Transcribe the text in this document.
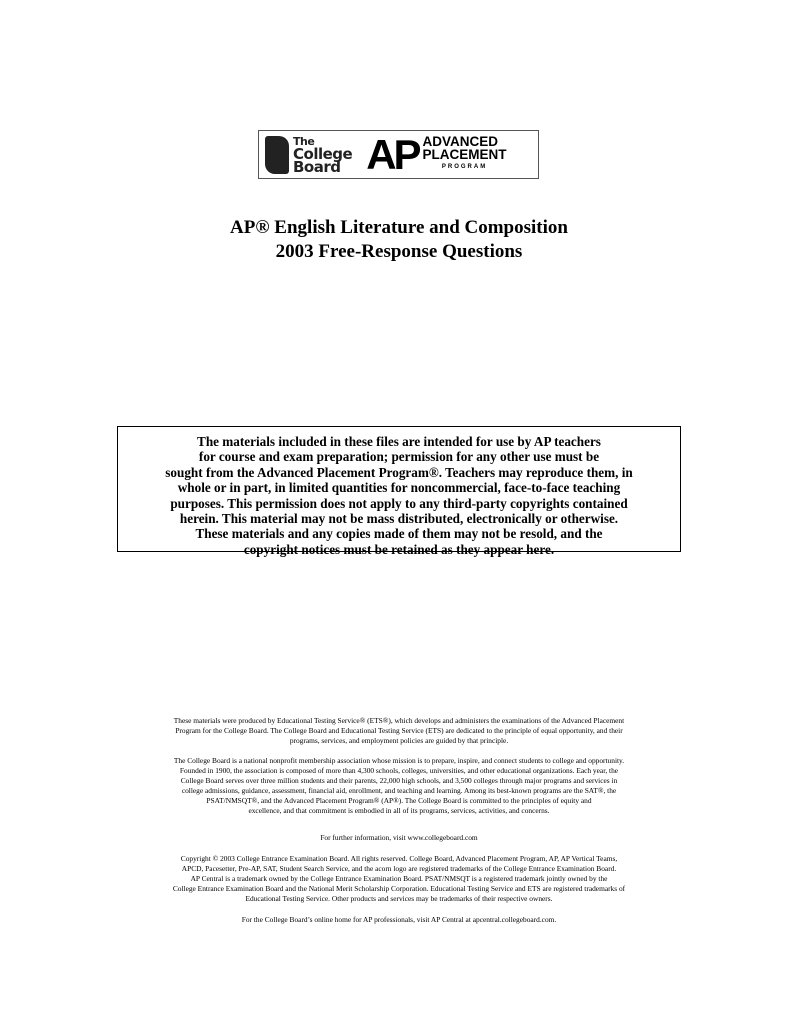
The
College
Board AP ADVANCED
PLACEMENT
PROGRAM
AP® English Literature and Composition
2003 Free-Response Questions
The materials included in these files are intended for use by AP teachers
for course and exam preparation; permission for any other use must be
sought from the Advanced Placement Program®. Teachers may reproduce them, in
whole or in part, in limited quantities for noncommercial, face-to-face teaching
purposes. This permission does not apply to any third-party copyrights contained
herein. This material may not be mass distributed, electronically or otherwise.
These materials and any copies made of them may not be resold, and the
copyright notices must be retained as they appear here.
These materials were produced by Educational Testing Service® (ETS®), which develops and administers the examinations of the Advanced Placement
Program for the College Board. The College Board and Educational Testing Service (ETS) are dedicated to the principle of equal opportunity, and their
programs, services, and employment policies are guided by that principle.
The College Board is a national nonprofit membership association whose mission is to prepare, inspire, and connect students to college and opportunity.
Founded in 1900, the association is composed of more than 4,300 schools, colleges, universities, and other educational organizations. Each year, the
College Board serves over three million students and their parents, 22,000 high schools, and 3,500 colleges through major programs and services in
college admissions, guidance, assessment, financial aid, enrollment, and teaching and learning. Among its best-known programs are the SAT®, the
PSAT/NMSQT®, and the Advanced Placement Program® (AP®). The College Board is committed to the principles of equity and
excellence, and that commitment is embodied in all of its programs, services, activities, and concerns.
For further information, visit www.collegeboard.com
Copyright © 2003 College Entrance Examination Board. All rights reserved. College Board, Advanced Placement Program, AP, AP Vertical Teams,
APCD, Pacesetter, Pre-AP, SAT, Student Search Service, and the acorn logo are registered trademarks of the College Entrance Examination Board.
AP Central is a trademark owned by the College Entrance Examination Board. PSAT/NMSQT is a registered trademark jointly owned by the
College Entrance Examination Board and the National Merit Scholarship Corporation. Educational Testing Service and ETS are registered trademarks of
Educational Testing Service. Other products and services may be trademarks of their respective owners.
For the College Board’s online home for AP professionals, visit AP Central at apcentral.collegeboard.com.
